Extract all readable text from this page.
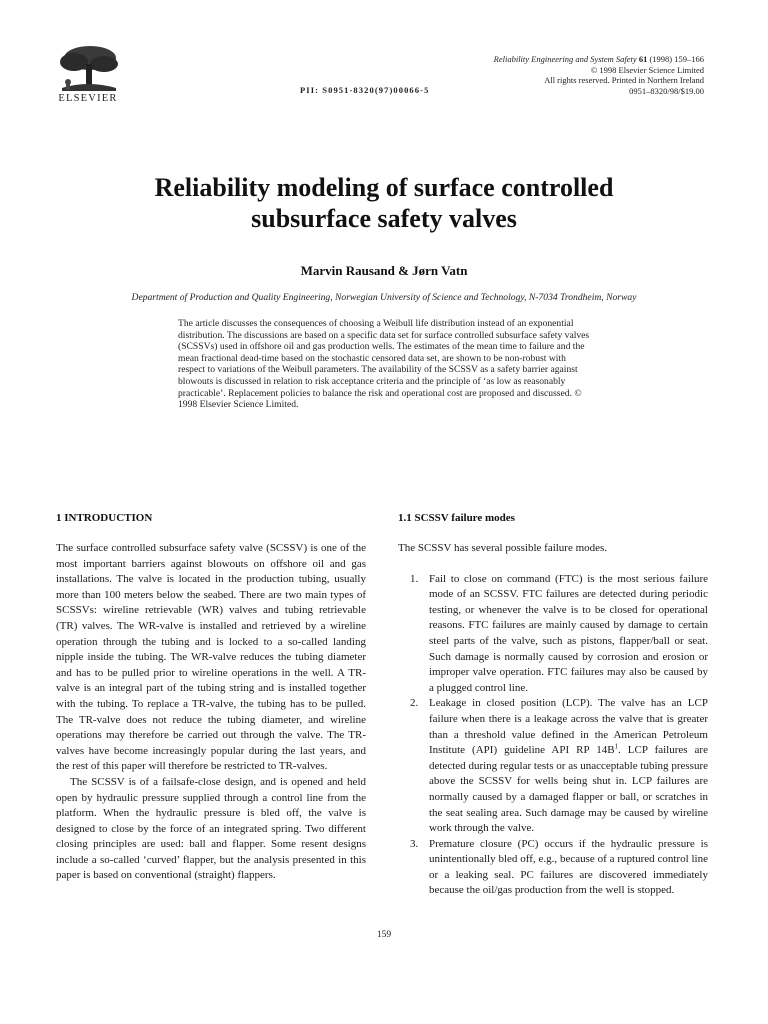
ELSEVIER
PII: S0951-8320(97)00066-5
Reliability Engineering and System Safety 61 (1998) 159–166
© 1998 Elsevier Science Limited
All rights reserved. Printed in Northern Ireland
0951–8320/98/$19.00
Reliability modeling of surface controlled
subsurface safety valves
Marvin Rausand & Jørn Vatn
Department of Production and Quality Engineering, Norwegian University of Science and Technology, N-7034 Trondheim, Norway

The article discusses the consequences of choosing a Weibull life distribution instead of an exponential distribution. The discussions are based on a specific data set for surface controlled subsurface safety valves (SCSSVs) used in offshore oil and gas production wells. The estimates of the mean time to failure and the mean fractional dead-time based on the stochastic censored data set, are shown to be non-robust with respect to variations of the Weibull parameters. The availability of the SCSSV as a safety barrier against blowouts is discussed in relation to risk acceptance criteria and the principle of ‘as low as reasonably practicable’. Replacement policies to balance the risk and operational cost are proposed and discussed. © 1998 Elsevier Science Limited.

1 INTRODUCTION

The surface controlled subsurface safety valve (SCSSV) is one of the most important barriers against blowouts on offshore oil and gas installations. The valve is located in the production tubing, usually more than 100 meters below the seabed. There are two main types of SCSSVs: wireline retrievable (WR) valves and tubing retrievable (TR) valves. The WR-valve is installed and retrieved by a wireline operation through the tubing and is locked to a so-called landing nipple inside the tubing. The WR-valve reduces the tubing diameter and has to be pulled prior to wireline operations in the well. A TR-valve is an integral part of the tubing string and is installed together with the tubing. To replace a TR-valve, the tubing has to be pulled. The TR-valve does not reduce the tubing diameter, and wireline operations may therefore be carried out through the valve. The TR-valves have become increasingly popular during the last years, and the rest of this paper will therefore be restricted to TR-valves.

The SCSSV is of a failsafe-close design, and is opened and held open by hydraulic pressure supplied through a control line from the platform. When the hydraulic pressure is bled off, the valve is designed to close by the force of an integrated spring. Two different closing principles are used: ball and flapper. Some resent designs include a so-called ‘curved’ flapper, but the analysis presented in this paper is based on conventional (straight) flappers.

1.1 SCSSV failure modes

The SCSSV has several possible failure modes.

1. Fail to close on command (FTC) is the most serious failure mode of an SCSSV. FTC failures are detected during periodic testing, or whenever the valve is to be closed for operational reasons. FTC failures are mainly caused by damage to certain steel parts of the valve, such as pistons, flapper/ball or seat. Such damage is normally caused by corrosion and erosion or improper valve operation. FTC failures may also be caused by a plugged control line.
2. Leakage in closed position (LCP). The valve has an LCP failure when there is a leakage across the valve that is greater than a threshold value defined in the American Petroleum Institute (API) guideline API RP $14B^1$. LCP failures are detected during regular tests or as unacceptable tubing pressure above the SCSSV for wells being shut in. LCP failures are normally caused by a damaged flapper or ball, or scratches in the seat sealing area. Such damage may be caused by wireline work through the valve.
3. Premature closure (PC) occurs if the hydraulic pressure is unintentionally bled off, e.g., because of a ruptured control line or a leaking seal. PC failures are discovered immediately because the oil/gas production from the well is stopped.
159
